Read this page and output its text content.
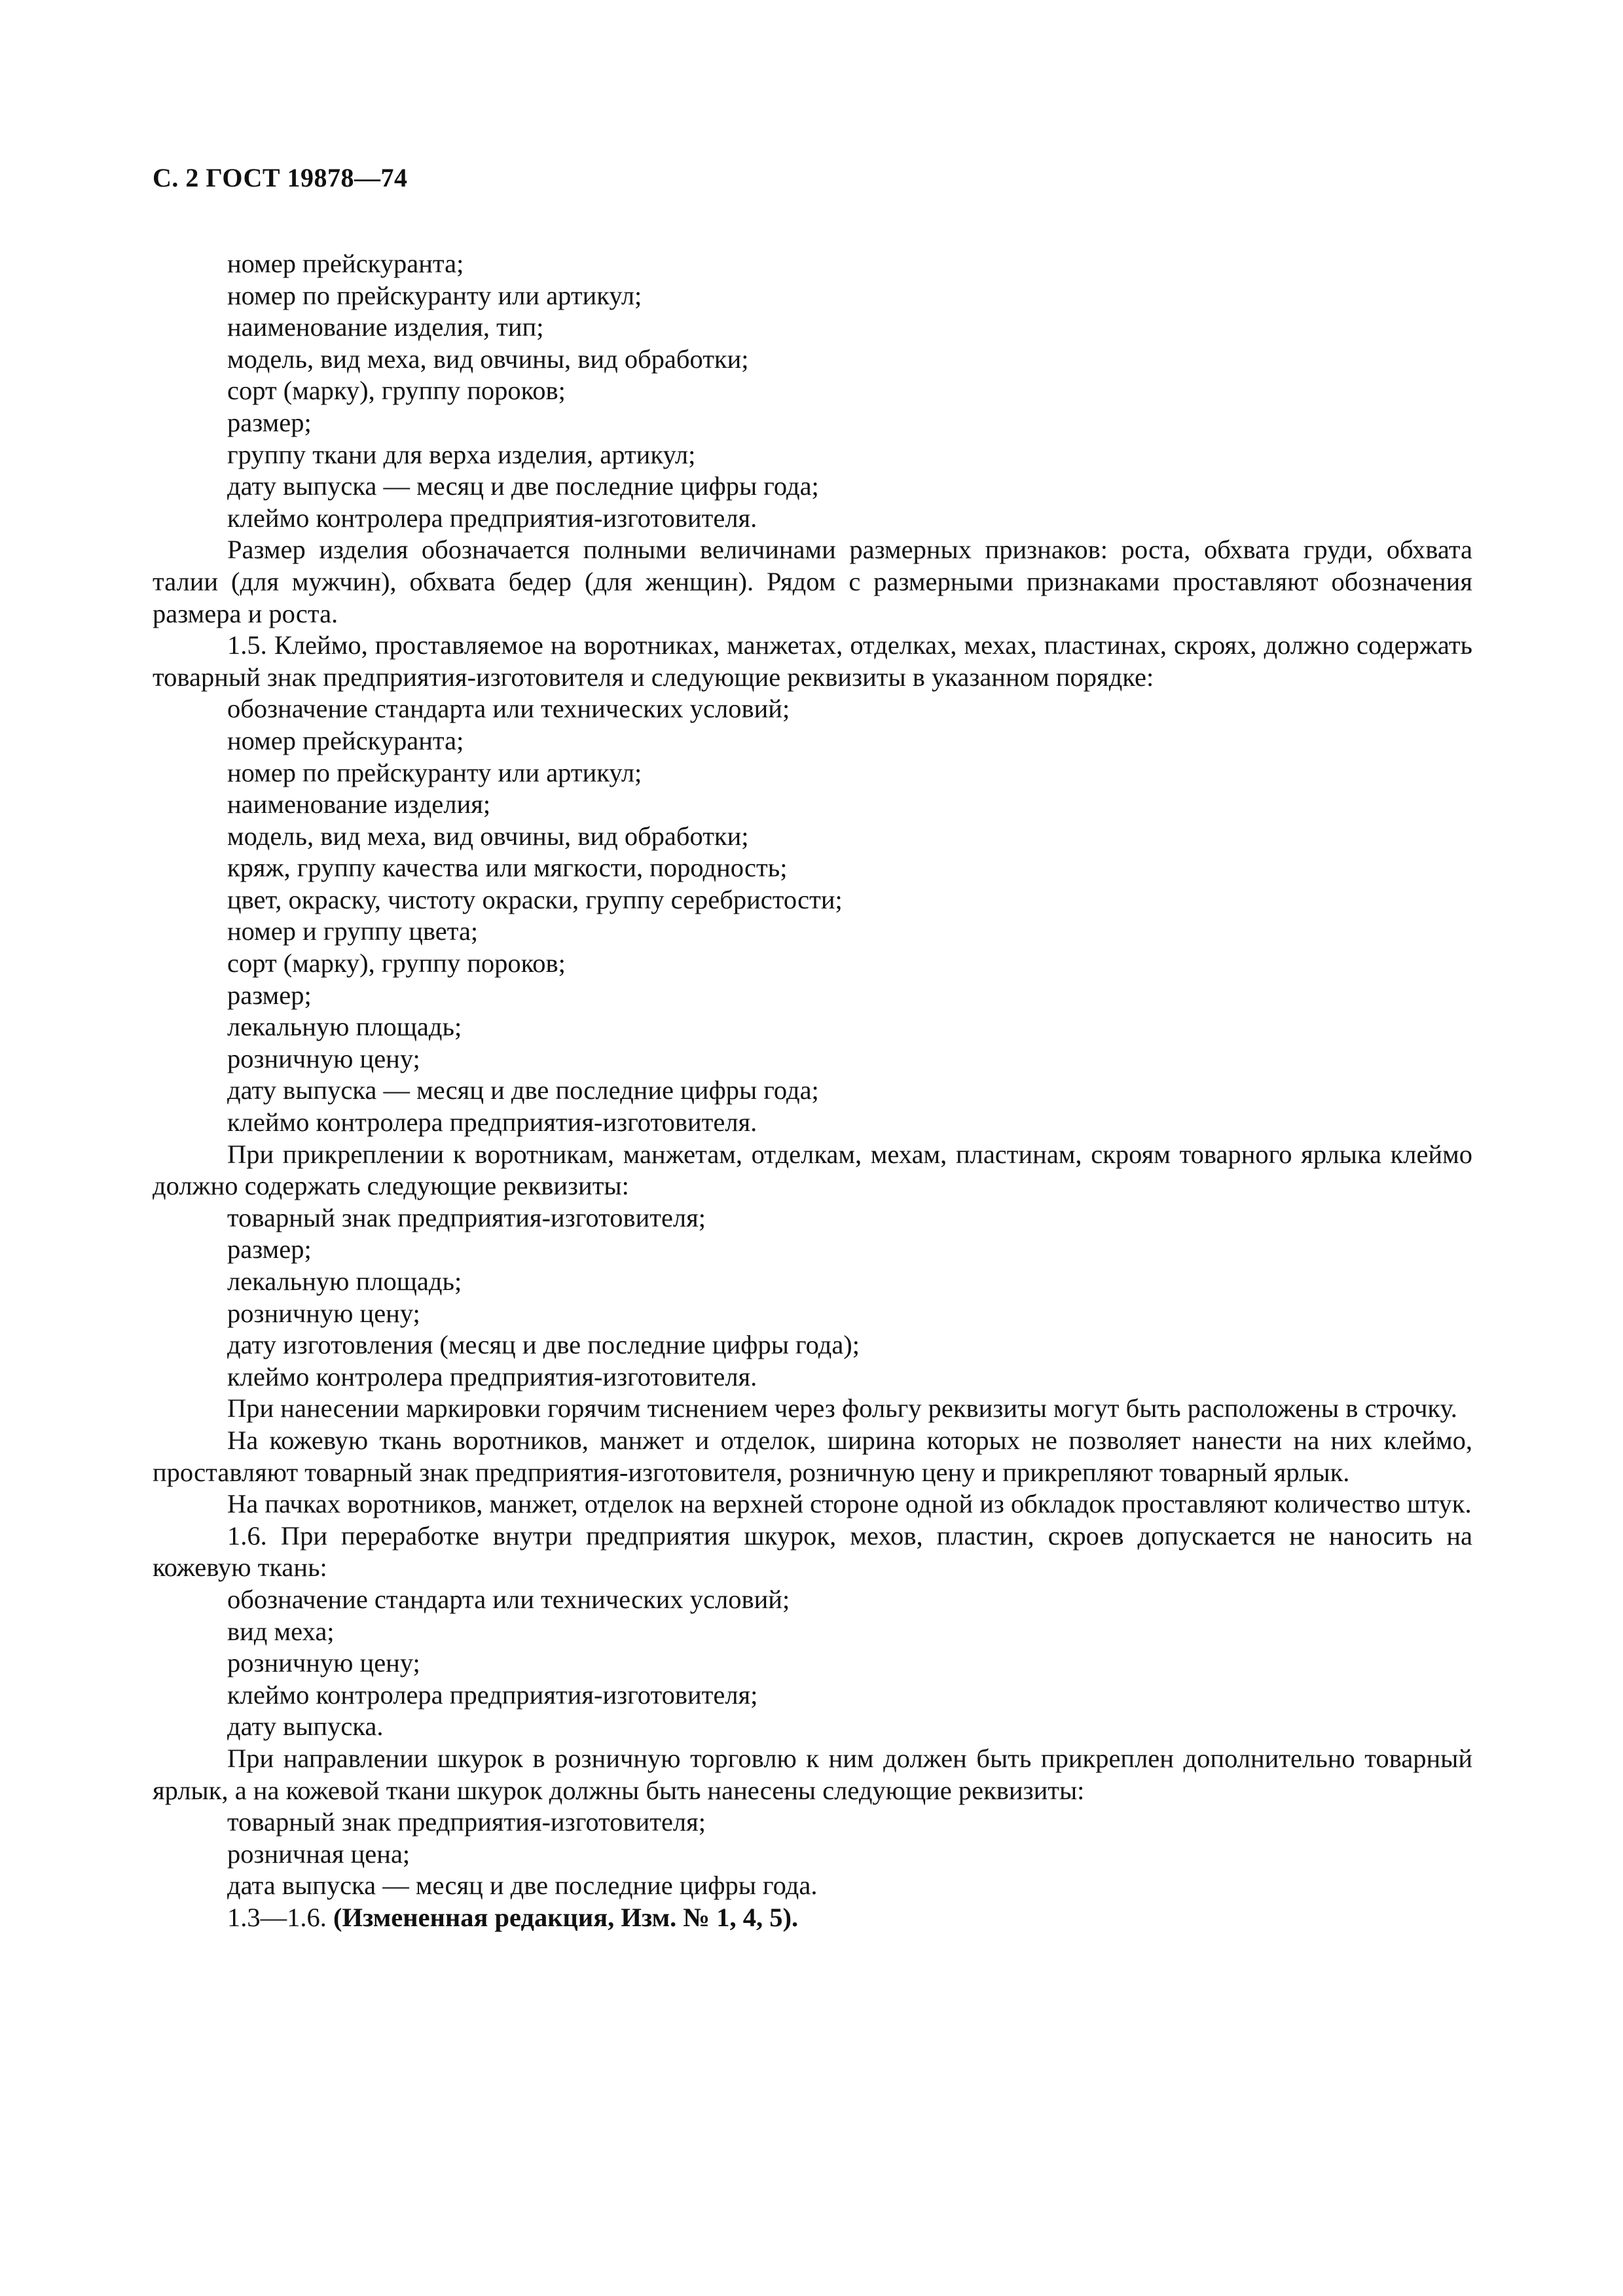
С. 2 ГОСТ 19878—74
номер прейскуранта;
номер по прейскуранту или артикул;
наименование изделия, тип;
модель, вид меха, вид овчины, вид обработки;
сорт (марку), группу пороков;
размер;
группу ткани для верха изделия, артикул;
дату выпуска — месяц и две последние цифры года;
клеймо контролера предприятия-изготовителя.
Размер изделия обозначается полными величинами размерных признаков: роста, обхвата груди, обхвата талии (для мужчин), обхвата бедер (для женщин). Рядом с размерными признаками проставляют обозначения размера и роста.
1.5. Клеймо, проставляемое на воротниках, манжетах, отделках, мехах, пластинах, скроях, должно содержать товарный знак предприятия-изготовителя и следующие реквизиты в указанном порядке:
обозначение стандарта или технических условий;
номер прейскуранта;
номер по прейскуранту или артикул;
наименование изделия;
модель, вид меха, вид овчины, вид обработки;
кряж, группу качества или мягкости, породность;
цвет, окраску, чистоту окраски, группу серебристости;
номер и группу цвета;
сорт (марку), группу пороков;
размер;
лекальную площадь;
розничную цену;
дату выпуска — месяц и две последние цифры года;
клеймо контролера предприятия-изготовителя.
При прикреплении к воротникам, манжетам, отделкам, мехам, пластинам, скроям товарного ярлыка клеймо должно содержать следующие реквизиты:
товарный знак предприятия-изготовителя;
размер;
лекальную площадь;
розничную цену;
дату изготовления (месяц и две последние цифры года);
клеймо контролера предприятия-изготовителя.
При нанесении маркировки горячим тиснением через фольгу реквизиты могут быть расположены в строчку.
На кожевую ткань воротников, манжет и отделок, ширина которых не позволяет нанести на них клеймо, проставляют товарный знак предприятия-изготовителя, розничную цену и прикрепляют товарный ярлык.
На пачках воротников, манжет, отделок на верхней стороне одной из обкладок проставляют количество штук.
1.6. При переработке внутри предприятия шкурок, мехов, пластин, скроев допускается не наносить на кожевую ткань:
обозначение стандарта или технических условий;
вид меха;
розничную цену;
клеймо контролера предприятия-изготовителя;
дату выпуска.
При направлении шкурок в розничную торговлю к ним должен быть прикреплен дополнительно товарный ярлык, а на кожевой ткани шкурок должны быть нанесены следующие реквизиты:
товарный знак предприятия-изготовителя;
розничная цена;
дата выпуска — месяц и две последние цифры года.
1.3—1.6. (Измененная редакция, Изм. № 1, 4, 5).
